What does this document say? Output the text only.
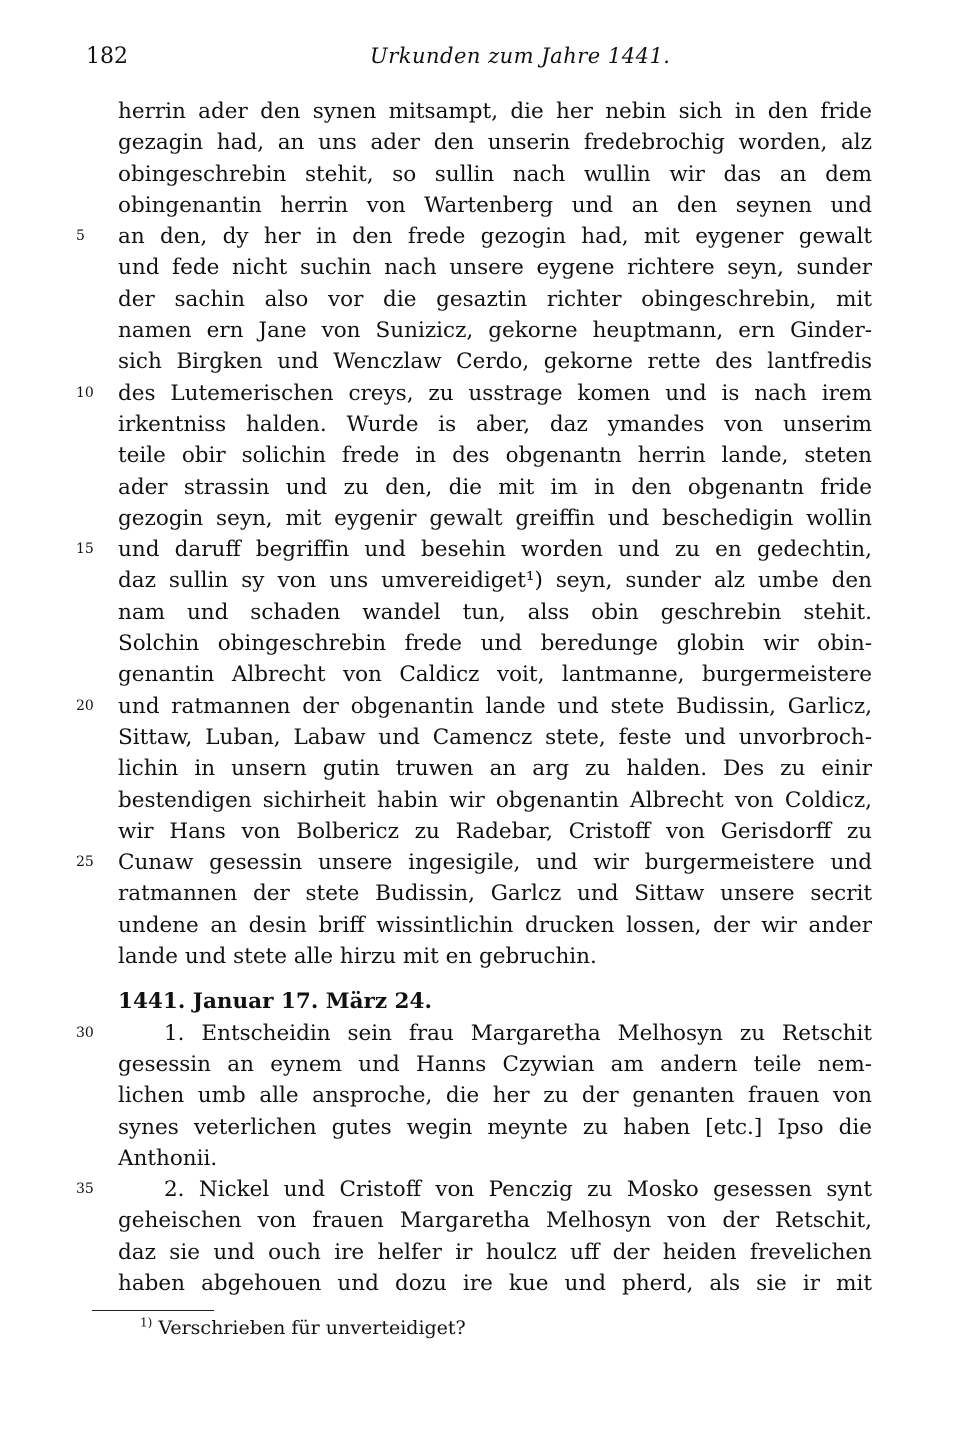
182	Urkunden zum Jahre 1441.
herrin ader den synen mitsampt, die her nebin sich in den fride
gezagin had, an uns ader den unserin fredebrochig worden, alz
obingeschrebin stehit, so sullin nach wullin wir das an dem
obingenantin herrin von Wartenberg und an den seynen und
5	an den, dy her in den frede gezogin had, mit eygener gewalt
und fede nicht suchin nach unsere eygene richtere seyn, sunder
der sachin also vor die gesaztin richter obingeschrebin, mit
namen ern Jane von Sunizicz, gekorne heuptmann, ern Ginder-
sich Birgken und Wenczlaw Cerdo, gekorne rette des lantfredis
10	des Lutemerischen creys, zu usstrage komen und is nach irem
irkentniss halden. Wurde is aber, daz ymandes von unserim
teile obir solichin frede in des obgenantn herrin lande, steten
ader strassin und zu den, die mit im in den obgenantn fride
gezogin seyn, mit eygenir gewalt greiffin und beschedigin wollin
15	und daruff begriffin und besehin worden und zu en gedechtin,
daz sullin sy von uns umvereidiget¹) seyn, sunder alz umbe den
nam und schaden wandel tun, alss obin geschrebin stehit.
Solchin obingeschrebin frede und beredunge globin wir obin-
genantin Albrecht von Caldicz voit, lantmanne, burgermeistere
20	und ratmannen der obgenantin lande und stete Budissin, Garlicz,
Sittaw, Luban, Labaw und Camencz stete, feste und unvorbroch-
lichin in unsern gutin truwen an arg zu halden. Des zu einir
bestendigen sichirheit habin wir obgenantin Albrecht von Coldicz,
wir Hans von Bolbericz zu Radebar, Cristoff von Gerisdorff zu
25	Cunaw gesessin unsere ingesigile, und wir burgermeistere und
ratmannen der stete Budissin, Garlcz und Sittaw unsere secrit
undene an desin briff wissintlichin drucken lossen, der wir ander
lande und stete alle hirzu mit en gebruchin.
1441. Januar 17. März 24.
30	1. Entscheidin sein frau Margaretha Melhosyn zu Retschit
gesessin an eynem und Hanns Czywian am andern teile nem-
lichen umb alle ansproche, die her zu der genanten frauen von
synes veterlichen gutes wegin meynte zu haben [etc.] Ipso die
Anthonii.
35	2. Nickel und Cristoff von Penczig zu Mosko gesessen synt
geheischen von frauen Margaretha Melhosyn von der Retschit,
daz sie und ouch ire helfer ir houlcz uff der heiden frevelichen
haben abgehouen und dozu ire kue und pherd, als sie ir mit
$^{1)}$ Verschrieben für unverteidiget?
